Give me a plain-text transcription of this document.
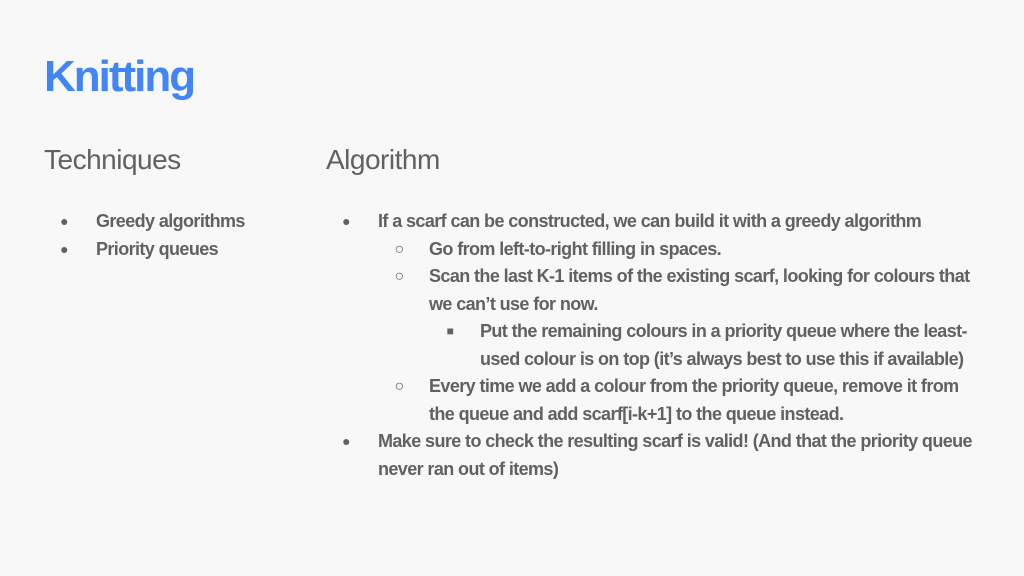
Knitting
Techniques	Algorithm
● Greedy algorithms
● Priority queues
● If a scarf can be constructed, we can build it with a greedy algorithm
○	Go from left-to-right filling in spaces.
○	Scan the last K-1 items of the existing scarf, looking for colours that we can’t use for now.
■ Put the remaining colours in a priority queue where the least-used colour is on top (it’s always best to use this if available)
○	Every time we add a colour from the priority queue, remove it from the queue and add scarf[i-k+1] to the queue instead.
● Make sure to check the resulting scarf is valid! (And that the priority queue never ran out of items)
